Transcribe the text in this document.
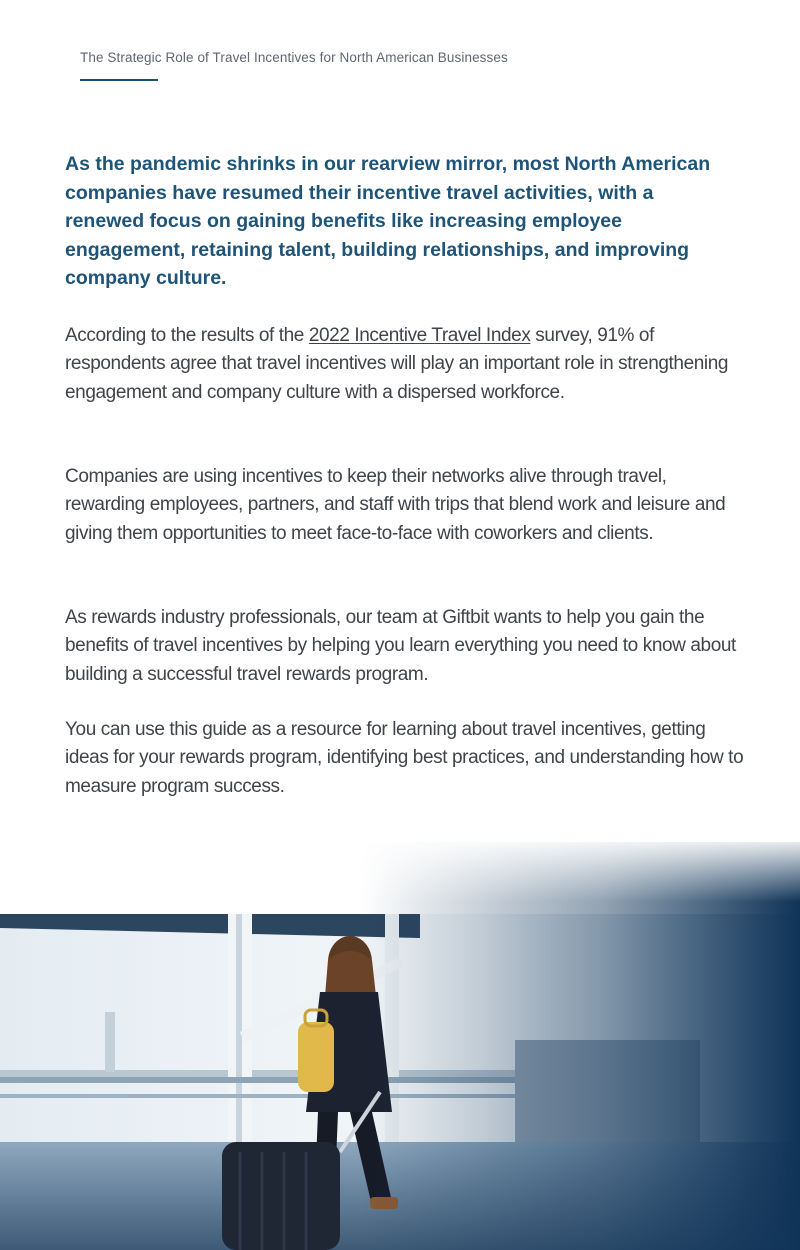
The Strategic Role of Travel Incentives for North American Businesses

As the pandemic shrinks in our rearview mirror, most North American companies have resumed their incentive travel activities, with a renewed focus on gaining benefits like increasing employee engagement, retaining talent, building relationships, and improving company culture.

According to the results of the 2022 Incentive Travel Index survey, 91% of respondents agree that travel incentives will play an important role in strengthening engagement and company culture with a dispersed workforce.

Companies are using incentives to keep their networks alive through travel, rewarding employees, partners, and staff with trips that blend work and leisure and giving them opportunities to meet face-to-face with coworkers and clients.

As rewards industry professionals, our team at Giftbit wants to help you gain the benefits of travel incentives by helping you learn everything you need to know about building a successful travel rewards program.

You can use this guide as a resource for learning about travel incentives, getting ideas for your rewards program, identifying best practices, and understanding how to measure program success.
